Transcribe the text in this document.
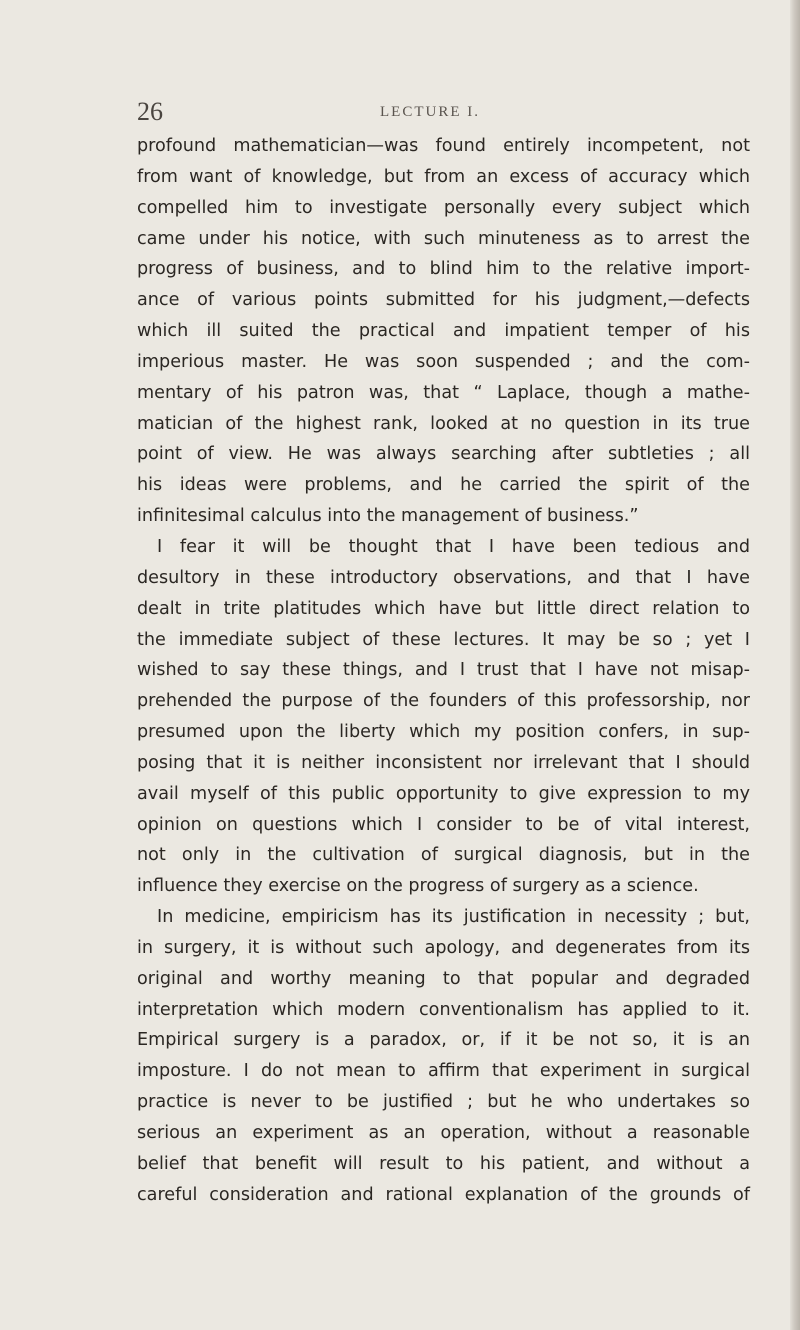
26	LECTURE I.
profound mathematician—was found entirely incompetent, not
from want of knowledge, but from an excess of accuracy which
compelled him to investigate personally every subject which
came under his notice, with such minuteness as to arrest the
progress of business, and to blind him to the relative import-
ance of various points submitted for his judgment,—defects
which ill suited the practical and impatient temper of his
imperious master. He was soon suspended ; and the com-
mentary of his patron was, that “ Laplace, though a mathe-
matician of the highest rank, looked at no question in its true
point of view. He was always searching after subtleties ; all
his ideas were problems, and he carried the spirit of the
infinitesimal calculus into the management of business.”
I fear it will be thought that I have been tedious and
desultory in these introductory observations, and that I have
dealt in trite platitudes which have but little direct relation to
the immediate subject of these lectures. It may be so ; yet I
wished to say these things, and I trust that I have not misap-
prehended the purpose of the founders of this professorship, nor
presumed upon the liberty which my position confers, in sup-
posing that it is neither inconsistent nor irrelevant that I should
avail myself of this public opportunity to give expression to my
opinion on questions which I consider to be of vital interest,
not only in the cultivation of surgical diagnosis, but in the
influence they exercise on the progress of surgery as a science.
In medicine, empiricism has its justification in necessity ; but,
in surgery, it is without such apology, and degenerates from its
original and worthy meaning to that popular and degraded
interpretation which modern conventionalism has applied to it.
Empirical surgery is a paradox, or, if it be not so, it is an
imposture. I do not mean to affirm that experiment in surgical
practice is never to be justified ; but he who undertakes so
serious an experiment as an operation, without a reasonable
belief that benefit will result to his patient, and without a
careful consideration and rational explanation of the grounds of
